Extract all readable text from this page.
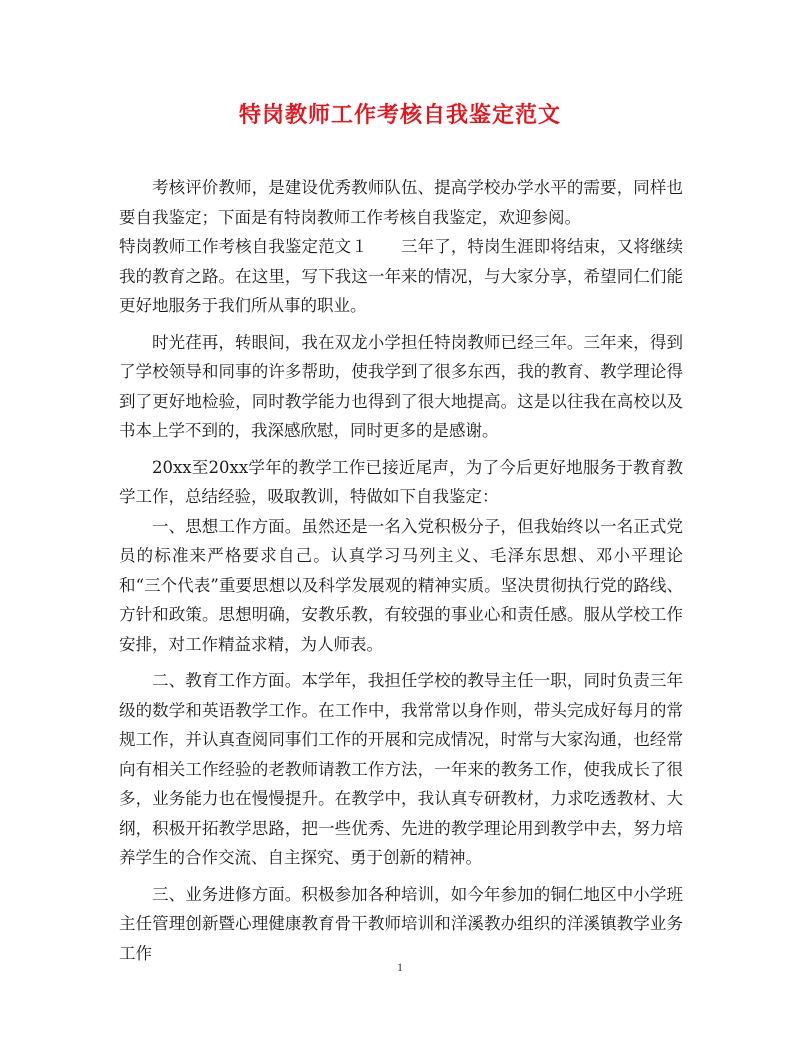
特岗教师工作考核自我鉴定范文

考核评价教师，是建设优秀教师队伍、提高学校办学水平的需要，同样也要自我鉴定；下面是有特岗教师工作考核自我鉴定，欢迎参阅。

特岗教师工作考核自我鉴定范文１　　三年了，特岗生涯即将结束，又将继续我的教育之路。在这里，写下我这一年来的情况，与大家分享，希望同仁们能更好地服务于我们所从事的职业。

时光荏再，转眼间，我在双龙小学担任特岗教师已经三年。三年来，得到了学校领导和同事的许多帮助，使我学到了很多东西，我的教育、教学理论得到了更好地检验，同时教学能力也得到了很大地提高。这是以往我在高校以及书本上学不到的，我深感欣慰，同时更多的是感谢。

20xx至20xx学年的教学工作已接近尾声，为了今后更好地服务于教育教学工作，总结经验，吸取教训，特做如下自我鉴定：

一、思想工作方面。虽然还是一名入党积极分子，但我始终以一名正式党员的标准来严格要求自己。认真学习马列主义、毛泽东思想、邓小平理论和“三个代表”重要思想以及科学发展观的精神实质。坚决贯彻执行党的路线、方针和政策。思想明确，安教乐教，有较强的事业心和责任感。服从学校工作安排，对工作精益求精，为人师表。

二、教育工作方面。本学年，我担任学校的教导主任一职，同时负责三年级的数学和英语教学工作。在工作中，我常常以身作则，带头完成好每月的常规工作，并认真查阅同事们工作的开展和完成情况，时常与大家沟通，也经常向有相关工作经验的老教师请教工作方法，一年来的教务工作，使我成长了很多，业务能力也在慢慢提升。在教学中，我认真专研教材，力求吃透教材、大纲，积极开拓教学思路，把一些优秀、先进的教学理论用到教学中去，努力培养学生的合作交流、自主探究、勇于创新的精神。

三、业务进修方面。积极参加各种培训，如今年参加的铜仁地区中小学班主任管理创新暨心理健康教育骨干教师培训和洋溪教办组织的洋溪镇教学业务工作

1
